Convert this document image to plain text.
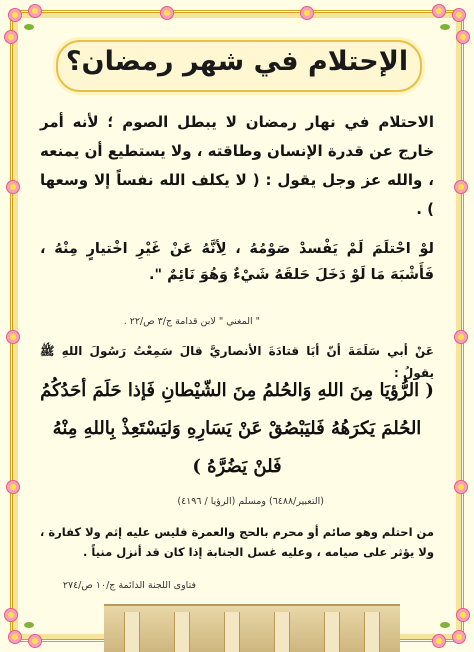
الإحتلام في شهر رمضان؟
الاحتلام في نهار رمضان لا يبطل الصوم ؛ لأنه أمر خارج عن قدرة الإنسان وطاقته ، ولا يستطيع أن يمنعه ، والله عز وجل يقول : ( لا يكلف الله نفساً إلا وسعها ) .
لوْ احْتلَمَ لَمْ يَفْسدْ صَوْمُهُ ، لِأنَّهُ عَنْ غَيْرِ اخْتيارٍ مِنْهُ ، فَأَشْبَهَ مَا لَوْ دَخَلَ حَلقَهُ شَيْءٌ وَهُوَ نَائِمٌ ".
" المغني " لابن قدامة ج/٣ ص/٢٢ .
عَنْ أبي سَلَمَةَ أنّ أبَا قتادَةَ الأنصاريَّ قالَ سَمِعْتُ رَسُولَ اللهِ ﷺ يقولُ :
( الرُّؤيَا مِنَ اللهِ وَالحُلمُ مِنَ الشّيْطانِ فَإذا حَلَمَ أحَدُكُمُ الحُلمَ يَكرَهُهُ فَليَبْصُقْ عَنْ يَسَارِهِ وَليَسْتَعِذْ بِاللهِ مِنْهُ فَلنْ يَضُرَّهُ )
(التعبير/٦٤٨٨) ومسلم (الرؤيا / ٤١٩٦)
من احتلم وهو صائم أو محرم بالحج والعمرة فليس عليه إثم ولا كفارة ، ولا يؤثر على صيامه ، وعليه غسل الجنابة إذا كان قد أنزل منياً .
فتاوى اللجنة الدائمة ج/١٠ ص/٢٧٤
